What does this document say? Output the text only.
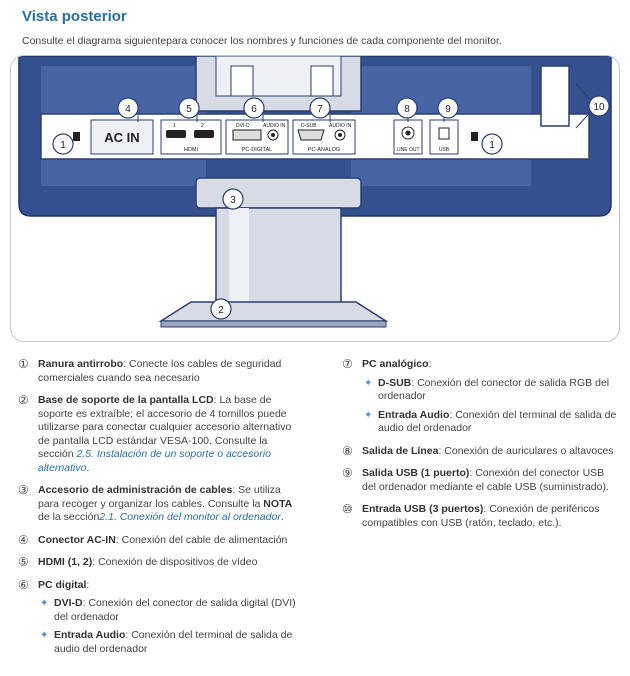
Vista posterior
Consulte el diagrama siguientepara conocer los nombres y funciones de cada componente del monitor.
AC IN
1	2
HDMI
DVI-D	AUDIO IN
PC-DIGITAL
D-SUB AUDIO IN
PC-ANALOG	LINE OUT	USB
1
2
3
4	5	6	7	8	9	10
1
① Ranura antirrobo: Conecte los cables de seguridad comerciales cuando sea necesario
② Base de soporte de la pantalla LCD: La base de soporte es extraíble; el accesorio de 4 tornillos puede utilizarse para conectar cualquier accesorio alternativo de pantalla LCD estándar VESA-100. Consulte la sección 2.5. Instalación de un soporte o accesorio alternativo.
③ Accesorio de administración de cables: Se utiliza para recoger y organizar los cables. Consulte la NOTA de la sección2.1. Conexión del monitor al ordenador.
④ Conector AC-IN: Conexión del cable de alimentación
⑤ HDMI (1, 2): Conexión de dispositivos de vídeo
⑥ PC digital:
✦ DVI-D: Conexión del conector de salida digital (DVI) del ordenador
✦ Entrada Audio: Conexión del terminal de salida de audio del ordenador
⑦ PC analógico:
✦ D-SUB: Conexión del conector de salida RGB del ordenador
✦ Entrada Audio: Conexión del terminal de salida de audio del ordenador
⑧ Salida de Línea: Conexión de auriculares o altavoces
⑨ Salida USB (1 puerto): Conexión del conector USB del ordenador mediante el cable USB (suministrado).
⑩ Entrada USB (3 puertos): Conexión de periféricos compatibles con USB (ratón, teclado, etc.).
